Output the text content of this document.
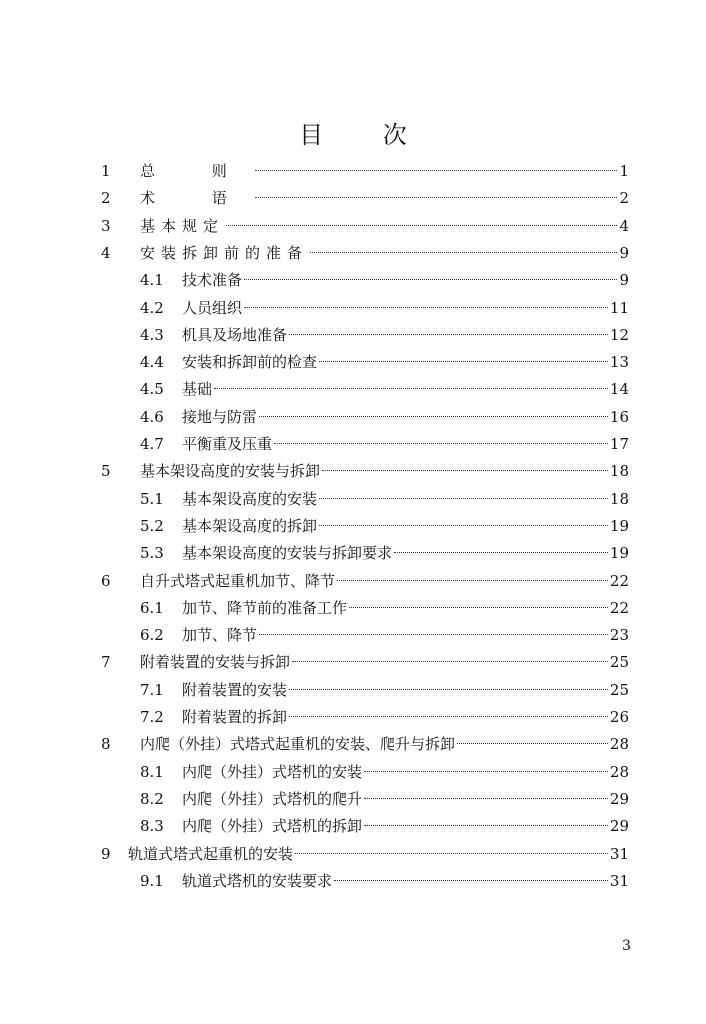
目 次
1 总 则	1
2 术 语	2
3 基本规定	4
4 安装拆卸前的准备	9
4.1 技术准备	9
4.2 人员组织	11
4.3 机具及场地准备	12
4.4 安装和拆卸前的检查	13
4.5 基础	14
4.6 接地与防雷	16
4.7 平衡重及压重	17
5 基本架设高度的安装与拆卸	18
5.1 基本架设高度的安装	18
5.2 基本架设高度的拆卸	19
5.3 基本架设高度的安装与拆卸要求	19
6 自升式塔式起重机加节、降节	22
6.1 加节、降节前的准备工作	22
6.2 加节、降节	23
7 附着装置的安装与拆卸	25
7.1 附着装置的安装	25
7.2 附着装置的拆卸	26
8 内爬（外挂）式塔式起重机的安装、爬升与拆卸	28
8.1 内爬（外挂）式塔机的安装	28
8.2 内爬（外挂）式塔机的爬升	29
8.3 内爬（外挂）式塔机的拆卸	29
9 轨道式塔式起重机的安装	31
9.1 轨道式塔机的安装要求	31
3
